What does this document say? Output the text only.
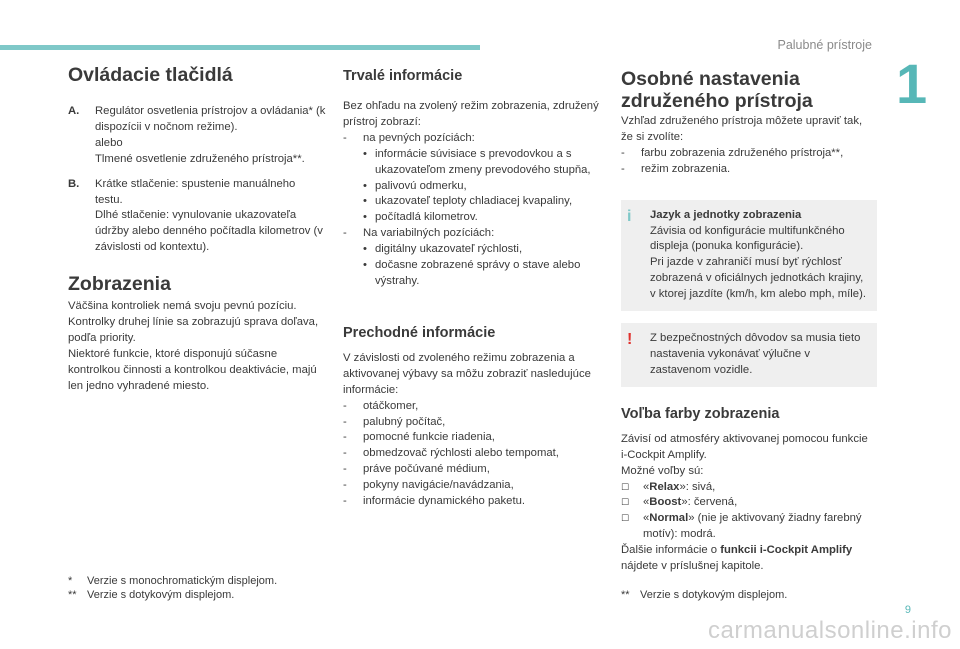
Palubné prístroje
1
9
carmanualsonline.info
Ovládacie tlačidlá
A.	Regulátor osvetlenia prístrojov a ovládania* (k dispozícii v nočnom režime).

alebo

Tlmené osvetlenie združeného prístroja**.

B.	Krátke stlačenie: spustenie manuálneho testu.

Dlhé stlačenie: vynulovanie ukazovateľa údržby alebo denného počítadla kilometrov (v závislosti od kontextu).

Zobrazenia

Väčšina kontroliek nemá svoju pevnú pozíciu. Kontrolky druhej línie sa zobrazujú sprava doľava, podľa priority.

Niektoré funkcie, ktoré disponujú súčasne kontrolkou činnosti a kontrolkou deaktivácie, majú len jedno vyhradené miesto.

*	Verzie s monochromatickým displejom.
** Verzie s dotykovým displejom.
Trvalé informácie

Bez ohľadu na zvolený režim zobrazenia, združený prístroj zobrazí:

-	na pevných pozíciách:
• informácie súvisiace s prevodovkou a s ukazovateľom zmeny prevodového stupňa,
• palivovú odmerku,
• ukazovateľ teploty chladiacej kvapaliny,
• počítadlá kilometrov.
-	Na variabilných pozíciách:
• digitálny ukazovateľ rýchlosti,
• dočasne zobrazené správy o stave alebo výstrahy.
Prechodné informácie

V závislosti od zvoleného režimu zobrazenia a aktivovanej výbavy sa môžu zobraziť nasledujúce informácie:

-	otáčkomer,
-	palubný počítač,
-	pomocné funkcie riadenia,
-	obmedzovač rýchlosti alebo tempomat,
-	práve počúvané médium,
-	pokyny navigácie/navádzania,
-	informácie dynamického paketu.
Osobné nastavenia
združeného prístroja

Vzhľad združeného prístroja môžete upraviť tak, že si zvolíte:

-	farbu zobrazenia združeného prístroja**,
-	režim zobrazenia.
i Jazyk a jednotky zobrazenia

Závisia od konfigurácie multifunkčného displeja (ponuka konfigurácie).

Pri jazde v zahraničí musí byť rýchlosť zobrazená v oficiálnych jednotkách krajiny, v ktorej jazdíte (km/h, km alebo mph, míle).

! Z bezpečnostných dôvodov sa musia tieto nastavenia vykonávať výlučne v zastavenom vozidle.

Voľba farby zobrazenia

Závisí od atmosféry aktivovanej pomocou funkcie i-Cockpit Amplify.

Možné voľby sú:

☐	«Relax»: sivá,
☐	«Boost»: červená,
☐	«Normal» (nie je aktivovaný žiadny farebný motív): modrá.

Ďalšie informácie o funkcii i-Cockpit Amplify nájdete v príslušnej kapitole.

** Verzie s dotykovým displejom.
